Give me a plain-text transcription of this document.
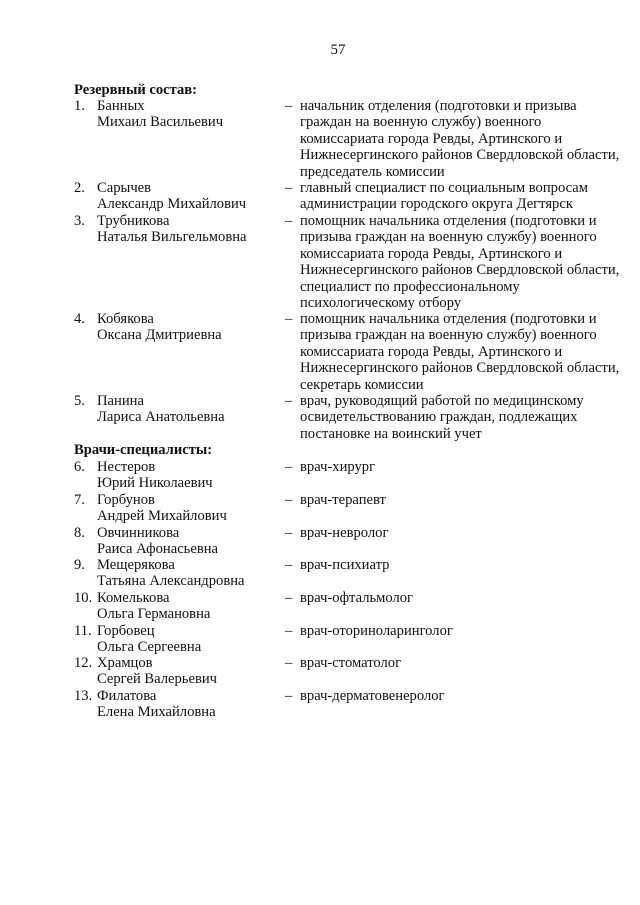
57
Резервный состав:
1. Банных
Михаил Васильевич
– начальник отделения (подготовки и призыва граждан на военную службу) военного комиссариата города Ревды, Артинского и Нижнесергинского районов Свердловской области, председатель комиссии
2. Сарычев
Александр Михайлович
– главный специалист по социальным вопросам администрации городского округа Дегтярск
3. Трубникова
Наталья Вильгельмовна
– помощник начальника отделения (подготовки и призыва граждан на военную службу) военного комиссариата города Ревды, Артинского и Нижнесергинского районов Свердловской области, специалист по профессиональному психологическому отбору
4. Кобякова
Оксана Дмитриевна
– помощник начальника отделения (подготовки и призыва граждан на военную службу) военного комиссариата города Ревды, Артинского и Нижнесергинского районов Свердловской области, секретарь комиссии
5. Панина
Лариса Анатольевна
– врач, руководящий работой по медицинскому освидетельствованию граждан, подлежащих постановке на воинский учет
Врачи-специалисты:
6. Нестеров
Юрий Николаевич
– врач-хирург
7. Горбунов
Андрей Михайлович
– врач-терапевт
8. Овчинникова
Раиса Афонасьевна
– врач-невролог
9. Мещерякова
Татьяна Александровна
– врач-психиатр
10. Комелькова
Ольга Германовна
– врач-офтальмолог
11. Горбовец
Ольга Сергеевна
– врач-оториноларинголог
12. Храмцов
Сергей Валерьевич
– врач-стоматолог
13. Филатова
Елена Михайловна
– врач-дерматовенеролог
